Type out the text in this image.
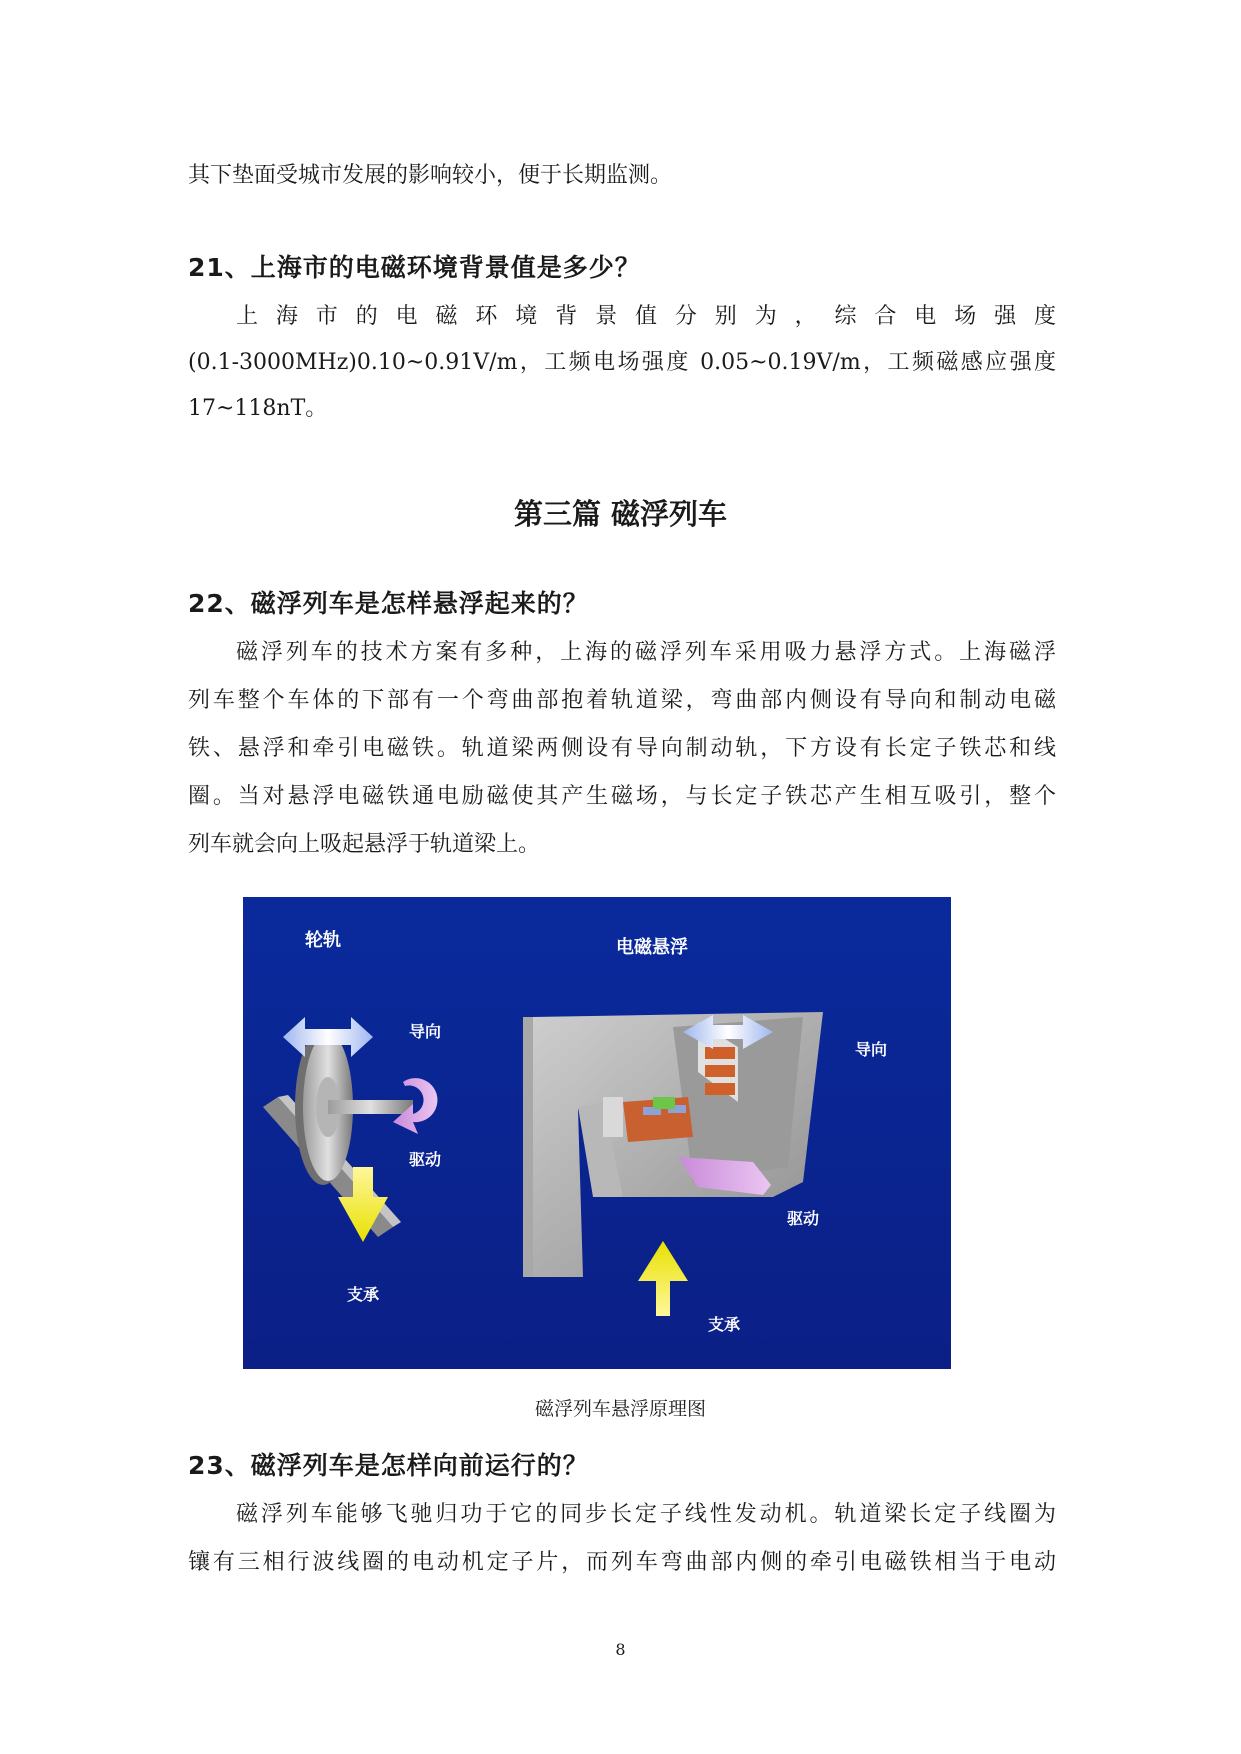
其下垫面受城市发展的影响较小，便于长期监测。

21、上海市的电磁环境背景值是多少？

上 海 市 的 电 磁 环 境 背 景 值 分 别 为 ， 综 合 电 场 强 度

(0.1-3000MHz)0.10~0.91V/m，工频电场强度 0.05~0.19V/m，工频磁感应强度

17~118nT。

第三篇 磁浮列车
22、磁浮列车是怎样悬浮起来的？

磁浮列车的技术方案有多种，上海的磁浮列车采用吸力悬浮方式。上海磁浮

列车整个车体的下部有一个弯曲部抱着轨道梁，弯曲部内侧设有导向和制动电磁

铁、悬浮和牵引电磁铁。轨道梁两侧设有导向制动轨，下方设有长定子铁芯和线

圈。当对悬浮电磁铁通电励磁使其产生磁场，与长定子铁芯产生相互吸引，整个

列车就会向上吸起悬浮于轨道梁上。

轮轨	电磁悬浮
导向
驱动
支承
导向
驱动
支承

磁浮列车悬浮原理图

23、磁浮列车是怎样向前运行的？

磁浮列车能够飞驰归功于它的同步长定子线性发动机。轨道梁长定子线圈为

镶有三相行波线圈的电动机定子片，而列车弯曲部内侧的牵引电磁铁相当于电动

8
